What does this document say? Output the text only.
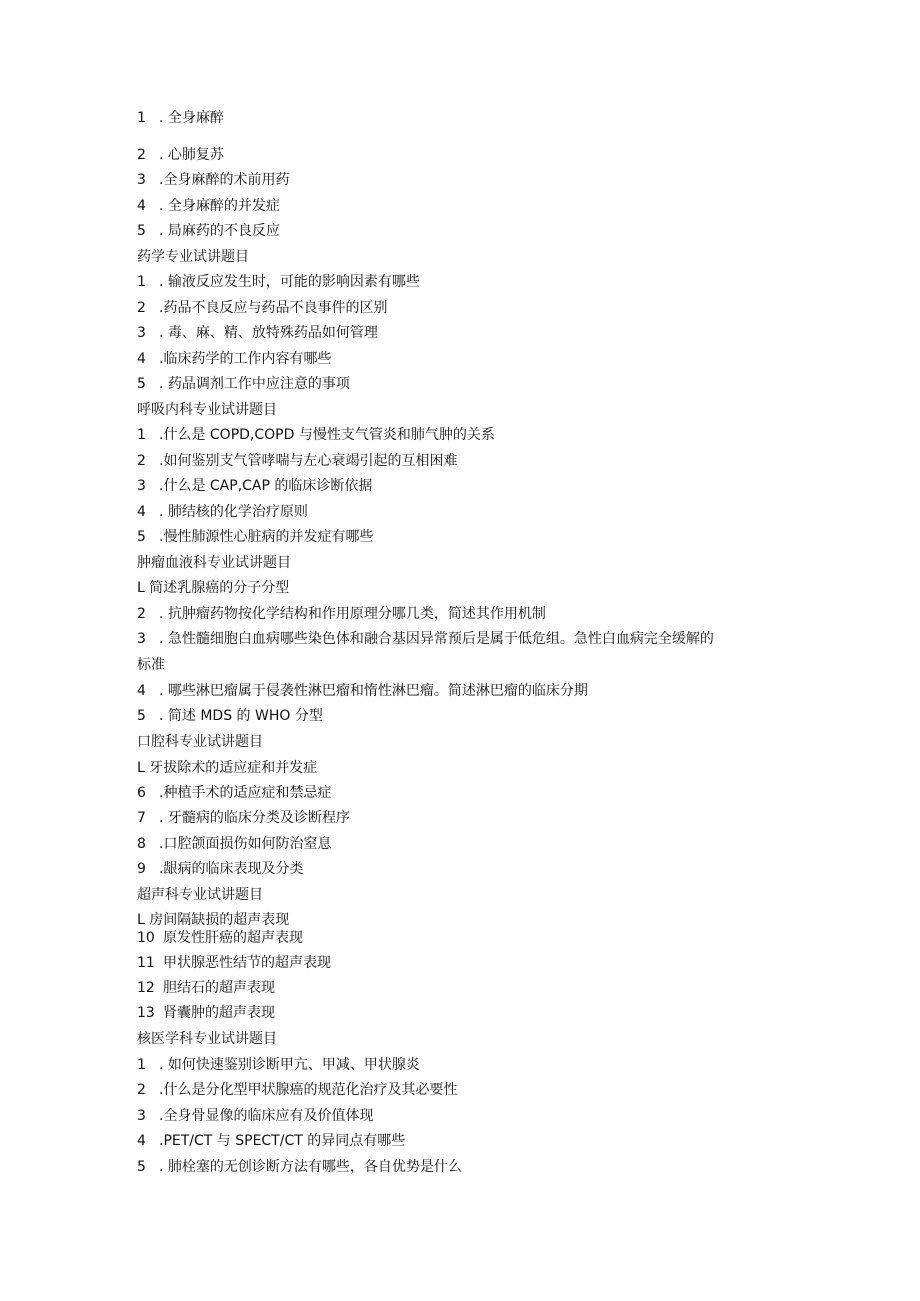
1 . 全身麻醉
2 . 心肺复苏
3 .全身麻醉的术前用药
4 . 全身麻醉的并发症
5 . 局麻药的不良反应
药学专业试讲题目
1 . 输液反应发生时，可能的影响因素有哪些
2 .药品不良反应与药品不良事件的区别
3 . 毒、麻、精、放特殊药品如何管理
4 .临床药学的工作内容有哪些
5 . 药品调剂工作中应注意的事项
呼吸内科专业试讲题目
1 .什么是 COPD,COPD 与慢性支气管炎和肺气肿的关系
2 .如何鉴别支气管哮喘与左心衰竭引起的互相困难
3 .什么是 CAP,CAP 的临床诊断依据
4 . 肺结核的化学治疗原则
5 .慢性肺源性心脏病的并发症有哪些
肿瘤血液科专业试讲题目
L 简述乳腺癌的分子分型
2 . 抗肿瘤药物按化学结构和作用原理分哪几类，简述其作用机制
3 . 急性髓细胞白血病哪些染色体和融合基因异常预后是属于低危组。急性白血病完全缓解的
标准
4 . 哪些淋巴瘤属于侵袭性淋巴瘤和惰性淋巴瘤。简述淋巴瘤的临床分期
5 . 简述 MDS 的 WHO 分型
口腔科专业试讲题目
L 牙拔除术的适应症和并发症
6 .种植手术的适应症和禁忌症
7 . 牙髓病的临床分类及诊断程序
8 .口腔颌面损伤如何防治窒息
9 .龈病的临床表现及分类
超声科专业试讲题目
L 房间隔缺损的超声表现
10 原发性肝癌的超声表现
11 甲状腺恶性结节的超声表现
12 胆结石的超声表现
13 肾囊肿的超声表现
核医学科专业试讲题目
1 . 如何快速鉴别诊断甲亢、甲减、甲状腺炎
2 .什么是分化型甲状腺癌的规范化治疗及其必要性
3 .全身骨显像的临床应有及价值体现
4 .PET/CT 与 SPECT/CT 的异同点有哪些
5 . 肺栓塞的无创诊断方法有哪些，各自优势是什么
